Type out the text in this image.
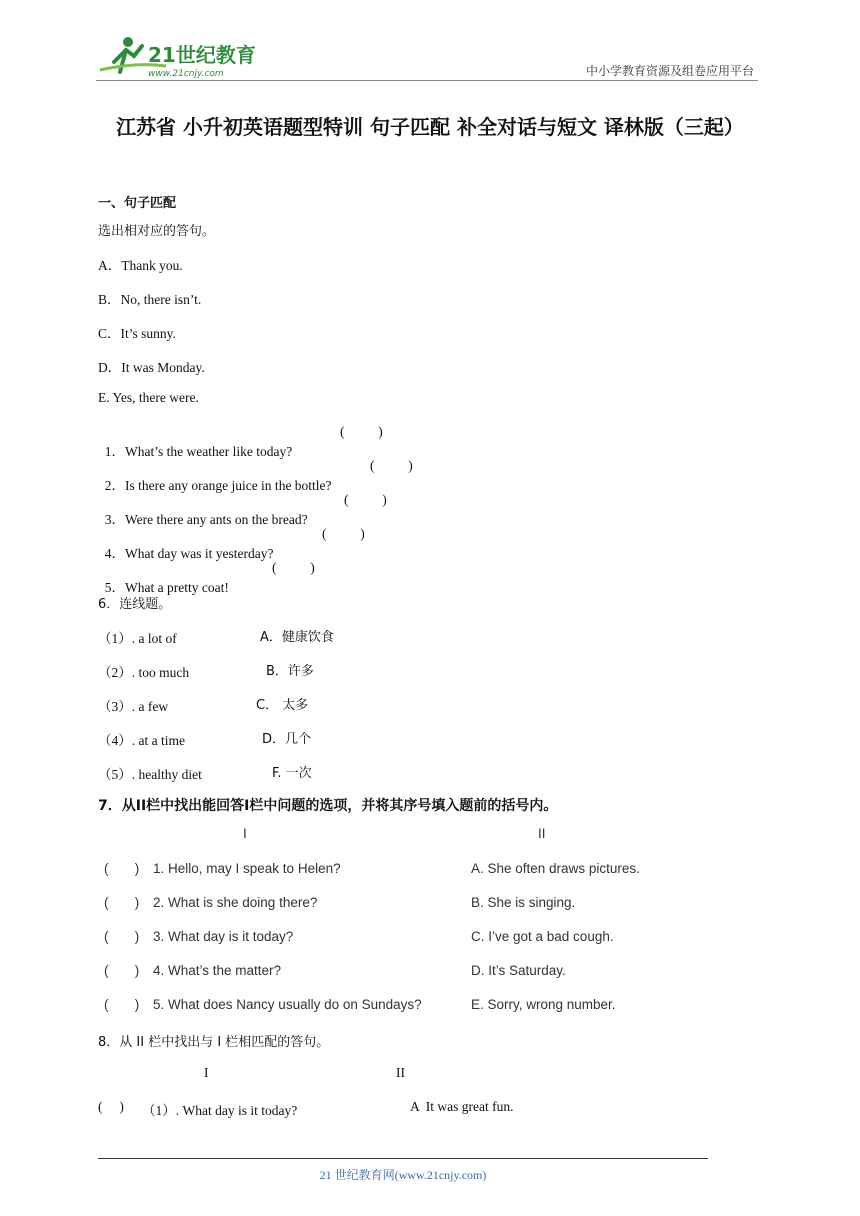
21世纪教育
www.21cnjy.com	中小学教育资源及组卷应用平台
江苏省 小升初英语题型特训 句子匹配 补全对话与短文 译林版（三起）
一、句子匹配
选出相对应的答句。
A．Thank you.
B．No, there isn’t.
C．It’s sunny.
D．It was Monday.
E. Yes, there were.

1．What’s the weather like today?

(          )

2．Is there any orange juice in the bottle?

(          )

3．Were there any ants on the bread?

(          )

4．What day was it yesterday?

(          )

5．What a pretty coat!

(          )
6．连线题。
（1）. a lot of	A．健康饮食
（2）. too much	B．许多
（3）. a few	C． 太多
（4）. at a time	D．几个
（5）. healthy diet	F. 一次
7．从II栏中找出能回答I栏中问题的选项，并将其序号填入题前的括号内。
I	II
(       ) 1. Hello, may I speak to Helen?	A. She often draws pictures.
(       ) 2. What is she doing there?	B. She is singing.
(       ) 3. What day is it today?	C. I’ve got a bad cough.
(       ) 4. What’s the matter?	D. It’s Saturday.
(       ) 5. What does Nancy usually do on Sundays?	E. Sorry, wrong number.
8．从 II 栏中找出与 I 栏相匹配的答句。
I	II
(     ) （1）. What day is it today?	A  It was great fun.
21 世纪教育网(www.21cnjy.com)
